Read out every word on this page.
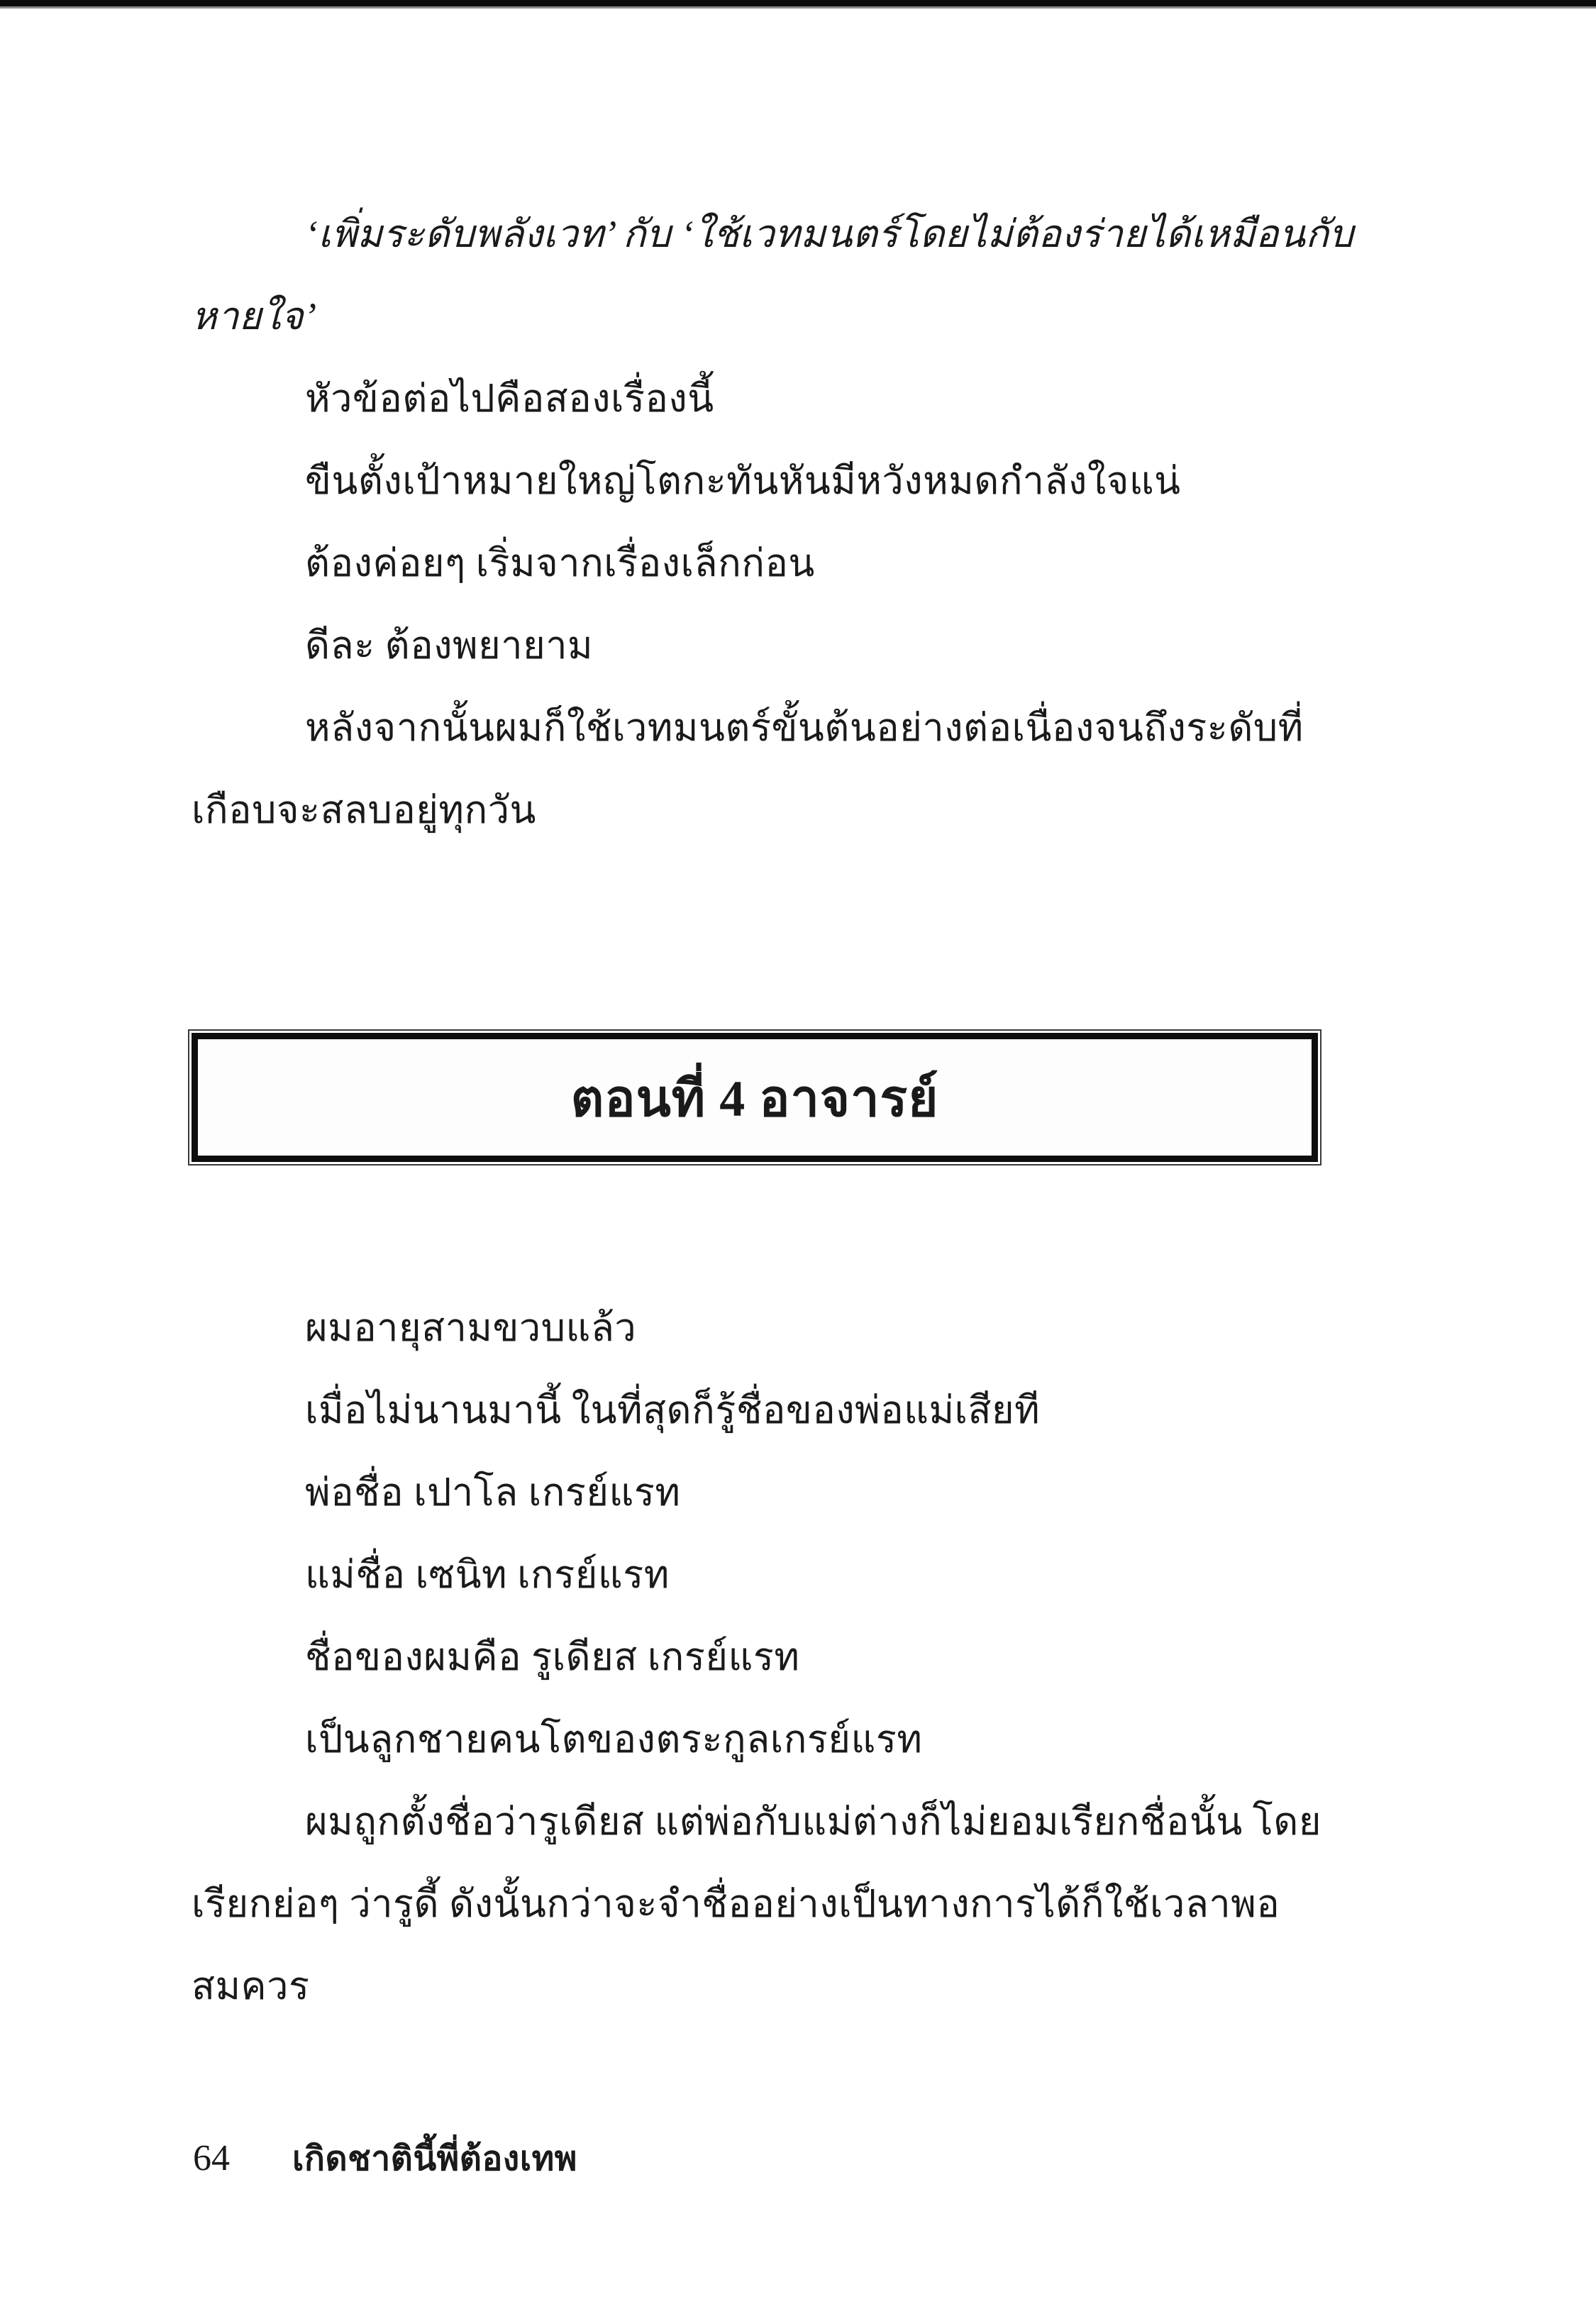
‘เพิ่มระดับพลังเวท’ กับ ‘ใช้เวทมนตร์โดยไม่ต้องร่ายได้เหมือนกับ
หายใจ’
หัวข้อต่อไปคือสองเรื่องนี้
ขืนตั้งเป้าหมายใหญ่โตกะทันหันมีหวังหมดกำลังใจแน่
ต้องค่อยๆ เริ่มจากเรื่องเล็กก่อน
ดีละ ต้องพยายาม
หลังจากนั้นผมก็ใช้เวทมนตร์ขั้นต้นอย่างต่อเนื่องจนถึงระดับที่
เกือบจะสลบอยู่ทุกวัน
ตอนที่ 4 อาจารย์
ผมอายุสามขวบแล้ว
เมื่อไม่นานมานี้ ในที่สุดก็รู้ชื่อของพ่อแม่เสียที
พ่อชื่อ เปาโล เกรย์แรท
แม่ชื่อ เซนิท เกรย์แรท
ชื่อของผมคือ รูเดียส เกรย์แรท
เป็นลูกชายคนโตของตระกูลเกรย์แรท
ผมถูกตั้งชื่อว่ารูเดียส แต่พ่อกับแม่ต่างก็ไม่ยอมเรียกชื่อนั้น โดย
เรียกย่อๆ ว่ารูดี้ ดังนั้นกว่าจะจำชื่ออย่างเป็นทางการได้ก็ใช้เวลาพอ
สมควร
64 เกิดชาตินี้พี่ต้องเทพ
